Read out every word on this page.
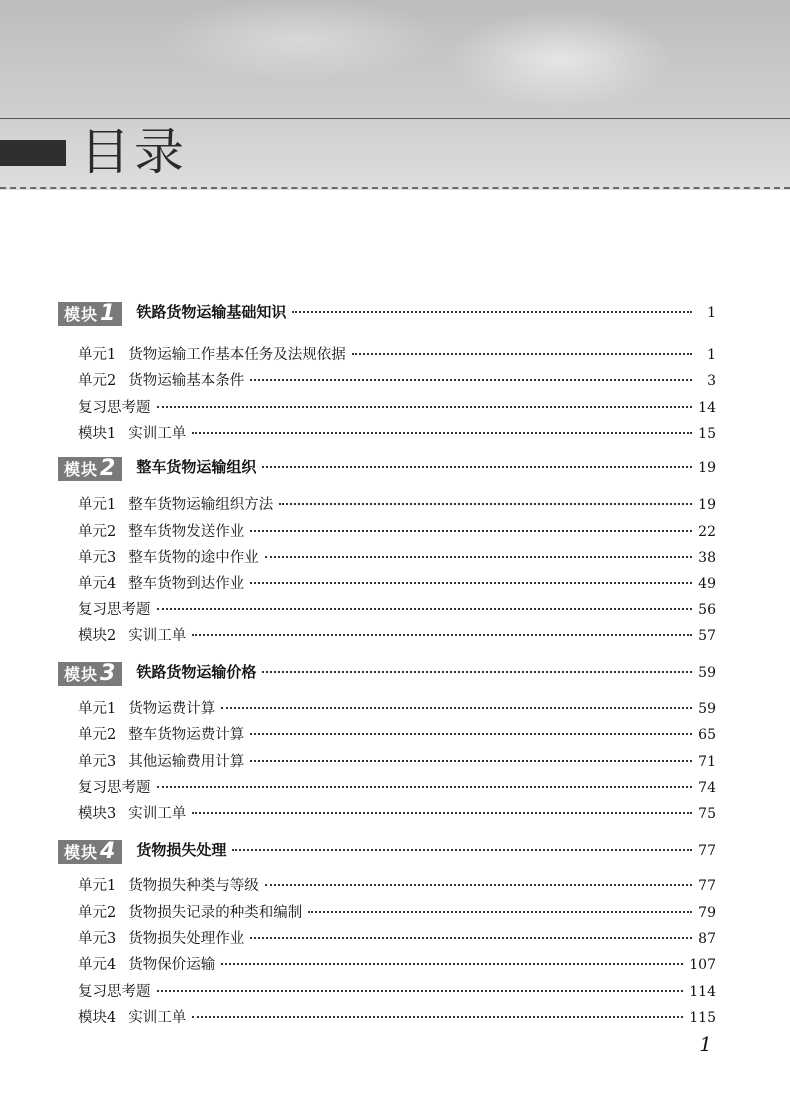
目录
模块1	铁路货物运输基础知识	1
单元1 货物运输工作基本任务及法规依据	1
单元2 货物运输基本条件	3
复习思考题	14
模块1 实训工单	15
模块2	整车货物运输组织	19
单元1 整车货物运输组织方法	19
单元2 整车货物发送作业	22
单元3 整车货物的途中作业	38
单元4 整车货物到达作业	49
复习思考题	56
模块2 实训工单	57
模块3	铁路货物运输价格	59
单元1 货物运费计算	59
单元2 整车货物运费计算	65
单元3 其他运输费用计算	71
复习思考题	74
模块3 实训工单	75
模块4	货物损失处理	77
单元1 货物损失种类与等级	77
单元2 货物损失记录的种类和编制	79
单元3 货物损失处理作业	87
单元4 货物保价运输	107
复习思考题	114
模块4 实训工单	115
1
